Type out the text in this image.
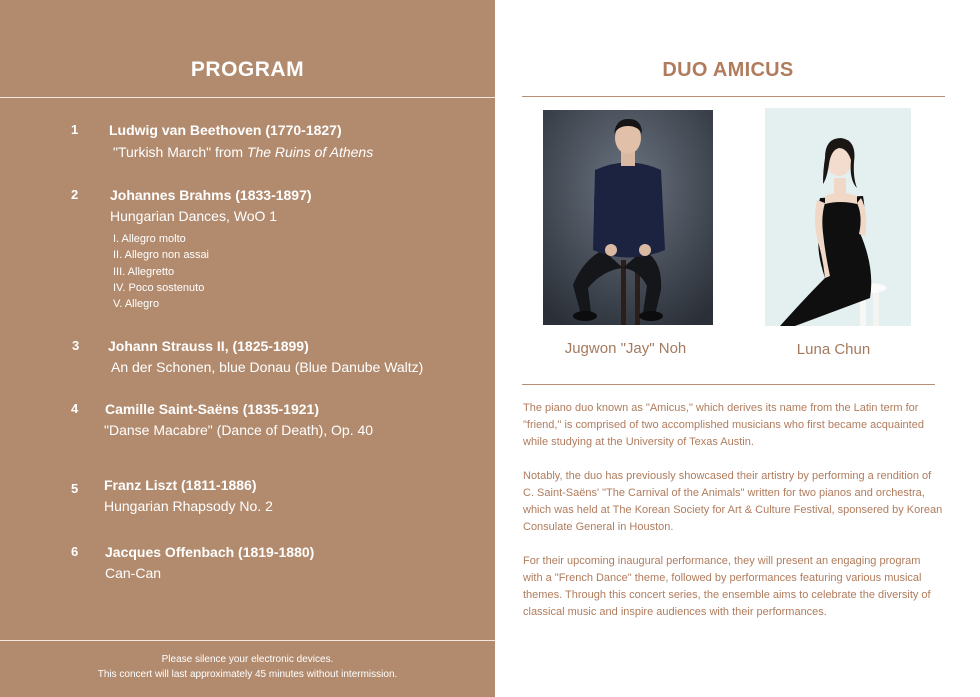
PROGRAM
1 Ludwig van Beethoven (1770-1827)
"Turkish March" from The Ruins of Athens
2 Johannes Brahms (1833-1897)
Hungarian Dances, WoO 1
I. Allegro molto
II. Allegro non assai
III. Allegretto
IV. Poco sostenuto
V. Allegro
3 Johann Strauss II, (1825-1899)
An der Schonen, blue Donau (Blue Danube Waltz)
4 Camille Saint-Saëns (1835-1921)
"Danse Macabre" (Dance of Death), Op. 40
5 Franz Liszt (1811-1886)
Hungarian Rhapsody No. 2
6 Jacques Offenbach (1819-1880)
Can-Can
Please silence your electronic devices.
This concert will last approximately 45 minutes without intermission.
DUO AMICUS
Jugwon "Jay" Noh	Luna Chun

The piano duo known as "Amicus," which derives its name from the Latin term for "friend," is comprised of two accomplished musicians who first became acquainted while studying at the University of Texas Austin.

Notably, the duo has previously showcased their artistry by performing a rendition of C. Saint-Saëns' "The Carnival of the Animals" written for two pianos and orchestra, which was held at The Korean Society for Art & Culture Festival, sponsered by Korean Consulate General in Houston.

For their upcoming inaugural performance, they will present an engaging program with a "French Dance" theme, followed by performances featuring various musical themes. Through this concert series, the ensemble aims to celebrate the diversity of classical music and inspire audiences with their performances.
